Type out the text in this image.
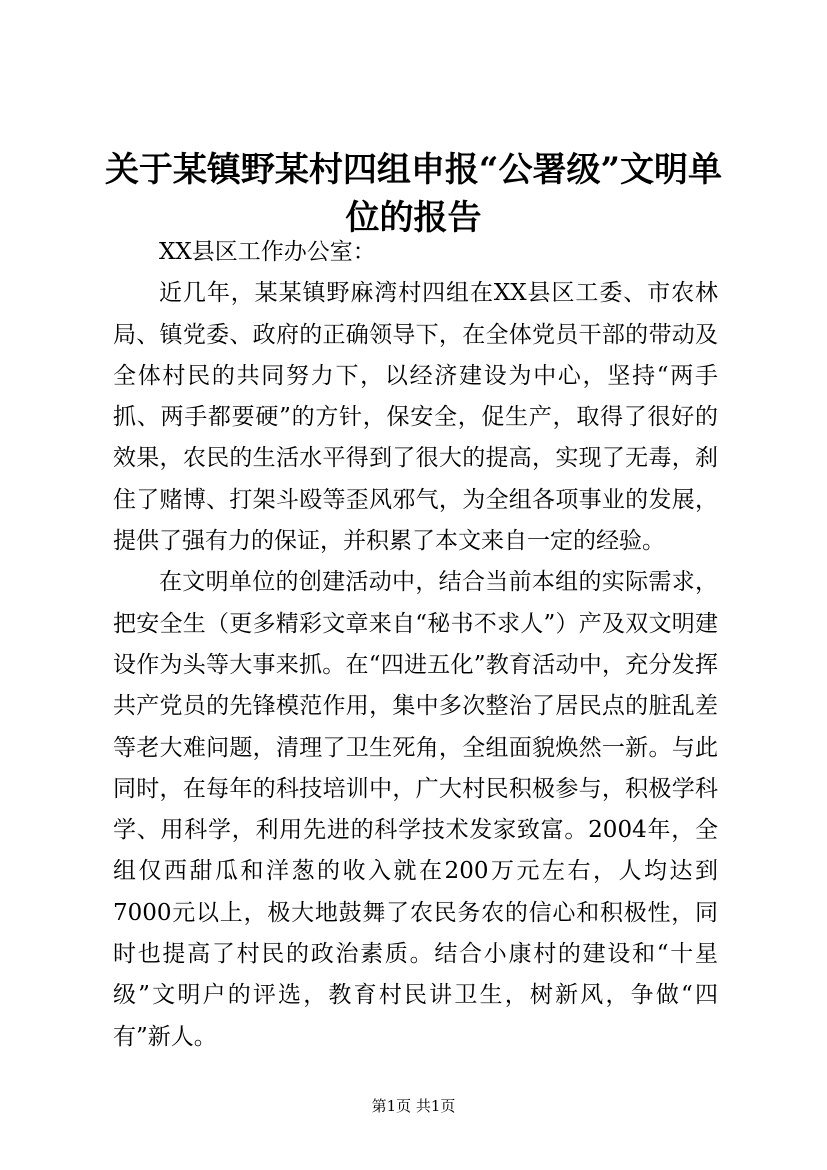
关于某镇野某村四组申报“公署级”文明单位的报告

XX县区工作办公室：

近几年，某某镇野麻湾村四组在XX县区工委、市农林局、镇党委、政府的正确领导下，在全体党员干部的带动及全体村民的共同努力下，以经济建设为中心，坚持“两手抓、两手都要硬”的方针，保安全，促生产，取得了很好的效果，农民的生活水平得到了很大的提高，实现了无毒，刹住了赌博、打架斗殴等歪风邪气，为全组各项事业的发展，提供了强有力的保证，并积累了本文来自一定的经验。

在文明单位的创建活动中，结合当前本组的实际需求，把安全生（更多精彩文章来自“秘书不求人”）产及双文明建设作为头等大事来抓。在“四进五化”教育活动中，充分发挥共产党员的先锋模范作用，集中多次整治了居民点的脏乱差等老大难问题，清理了卫生死角，全组面貌焕然一新。与此同时，在每年的科技培训中，广大村民积极参与，积极学科学、用科学，利用先进的科学技术发家致富。2004年，全组仅西甜瓜和洋葱的收入就在200万元左右，人均达到7000元以上，极大地鼓舞了农民务农的信心和积极性，同时也提高了村民的政治素质。结合小康村的建设和“十星级”文明户的评选，教育村民讲卫生，树新风，争做“四有”新人。

第1页 共1页
